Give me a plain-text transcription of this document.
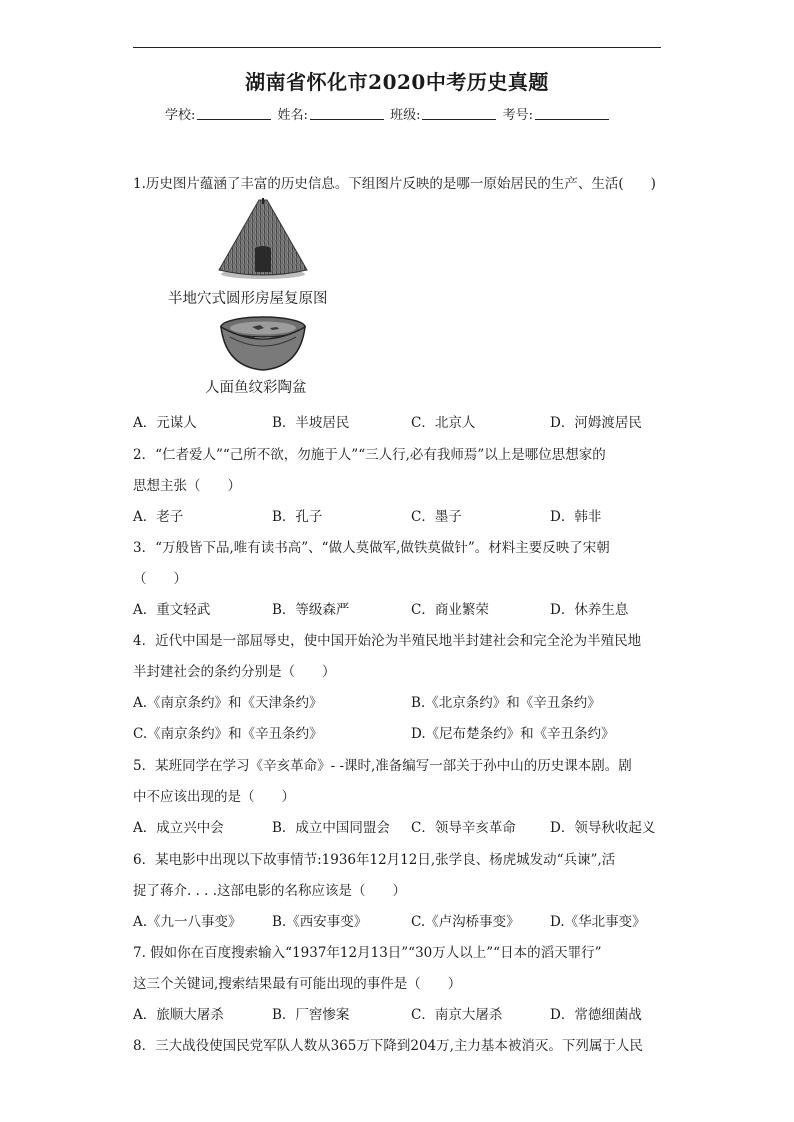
湖南省怀化市2020中考历史真题
学校:	姓名:	班级:	考号:
1.历史图片蕴涵了丰富的历史信息。下组图片反映的是哪一原始居民的生产、生活(　　)
半地穴式圆形房屋复原图
人面鱼纹彩陶盆
A．元谋人	B．半坡居民	C．北京人	D．河姆渡居民
2．“仁者爱人”“己所不欲，勿施于人”“三人行,必有我师焉”以上是哪位思想家的
思想主张（　　）
A．老子	B．孔子	C．墨子	D．韩非
3．“万般皆下品,唯有读书高”、“做人莫做军,做铁莫做针”。材料主要反映了宋朝
（　　）
A．重文轻武	B．等级森严	C．商业繁荣	D．休养生息
4．近代中国是一部屈辱史，使中国开始沦为半殖民地半封建社会和完全沦为半殖民地
半封建社会的条约分别是（　　）
A.《南京条约》和《天津条约》	B.《北京条约》和《辛丑条约》
C.《南京条约》和《辛丑条约》	D.《尼布楚条约》和《辛丑条约》
5．某班同学在学习《辛亥革命》- -课时,准备编写一部关于孙中山的历史课本剧。剧
中不应该出现的是（　　）
A．成立兴中会	B．成立中国同盟会 C．领导辛亥革命	D．领导秋收起义
6．某电影中出现以下故事情节:1936年12月12日,张学良、杨虎城发动“兵谏”,活
捉了蒋介. . . .这部电影的名称应该是（　　）
A.《九一八事变》 B.《西安事变》	C.《卢沟桥事变》 D.《华北事变》
7. 假如你在百度搜索输入“1937年12月13日”“30万人以上”“日本的滔天罪行”
这三个关键词,搜索结果最有可能出现的事件是（　　）
A．旅顺大屠杀	B．厂窖惨案	C．南京大屠杀	D．常德细菌战
8．三大战役使国民党军队人数从365万下降到204万,主力基本被消灭。下列属于人民
